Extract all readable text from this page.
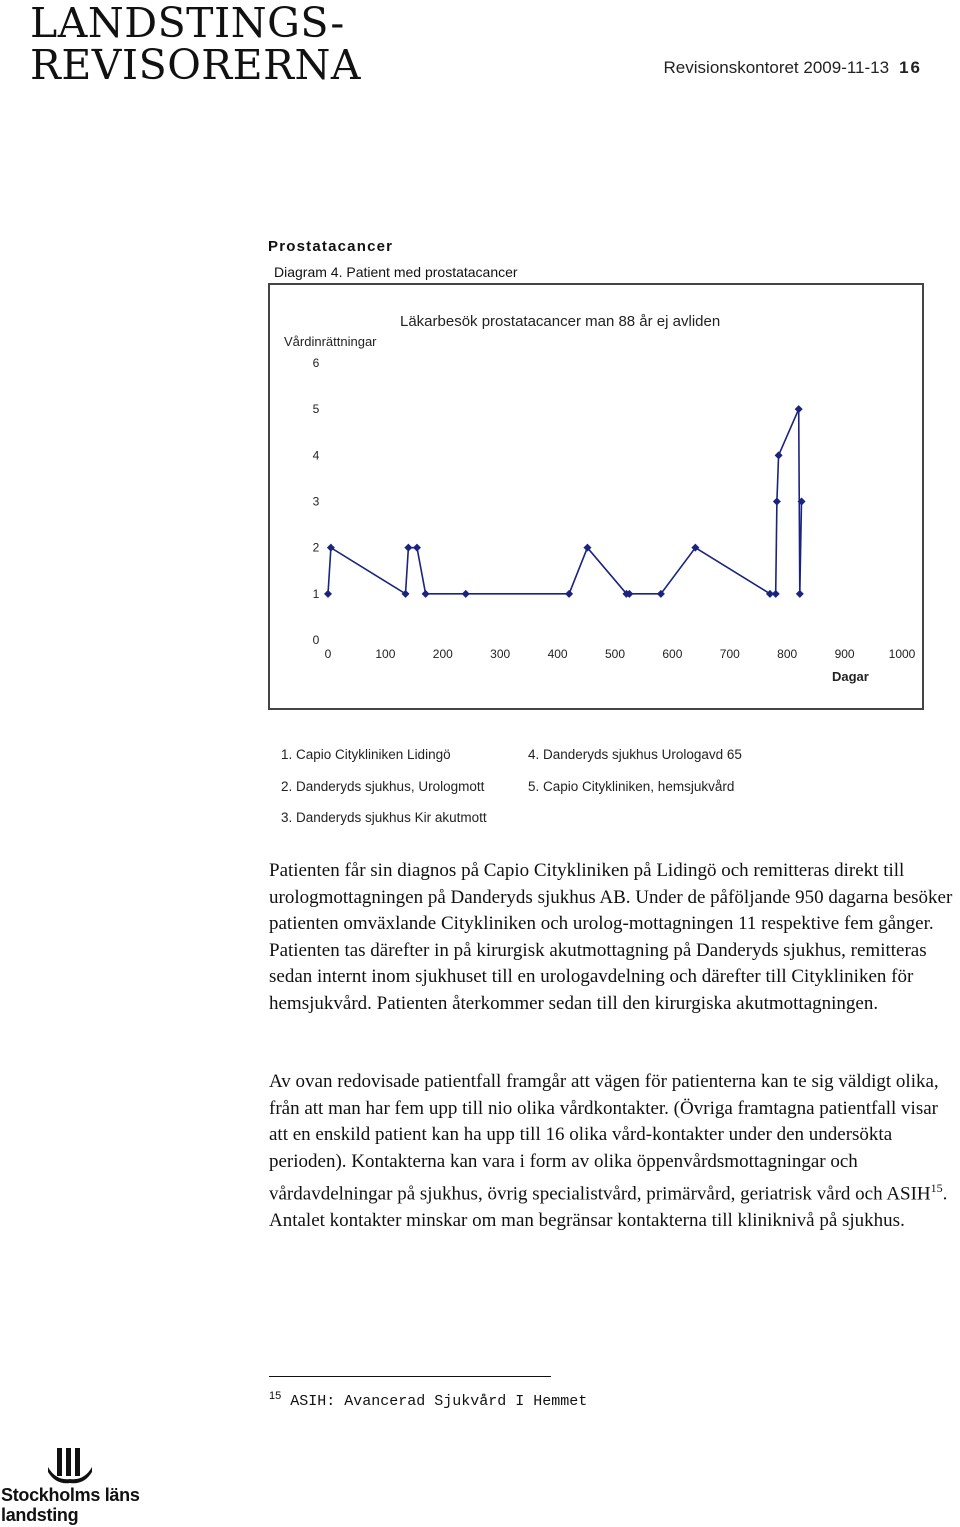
LANDSTINGS-
REVISORERNA	Revisionskontoret 2009-11-13 16
Prostatacancer
Diagram 4. Patient med prostatacancer
Läkarbesök prostatacancer man 88 år ej avliden
Vårdinrättningar
Dagar
0
1
2
3
4
5
6
0	100	200	300	400	500	600	700	800	900	1000
1. Capio Citykliniken Lidingö	4. Danderyds sjukhus Urologavd 65
2. Danderyds sjukhus, Urologmott	5. Capio Citykliniken, hemsjukvård
3. Danderyds sjukhus Kir akutmott

Patienten får sin diagnos på Capio Citykliniken på Lidingö och remitteras direkt till urologmottagningen på Danderyds sjukhus AB. Under de påföljande 950 dagarna besöker patienten omväxlande Citykliniken och urolog-mottagningen 11 respektive fem gånger. Patienten tas därefter in på kirurgisk akutmottagning på Danderyds sjukhus, remitteras sedan internt inom sjukhuset till en urologavdelning och därefter till Citykliniken för hemsjukvård. Patienten återkommer sedan till den kirurgiska akutmottagningen.

Av ovan redovisade patientfall framgår att vägen för patienterna kan te sig väldigt olika, från att man har fem upp till nio olika vårdkontakter. (Övriga framtagna patientfall visar att en enskild patient kan ha upp till 16 olika vård-kontakter under den undersökta perioden). Kontakterna kan vara i form av olika öppenvårdsmottagningar och vårdavdelningar på sjukhus, övrig specialistvård, primärvård, geriatrisk vård och ASIH$^{15}$. Antalet kontakter minskar om man begränsar kontakterna till kliniknivå på sjukhus.

$^{15}$ ASIH: Avancerad Sjukvård I Hemmet
Stockholms läns
landsting
